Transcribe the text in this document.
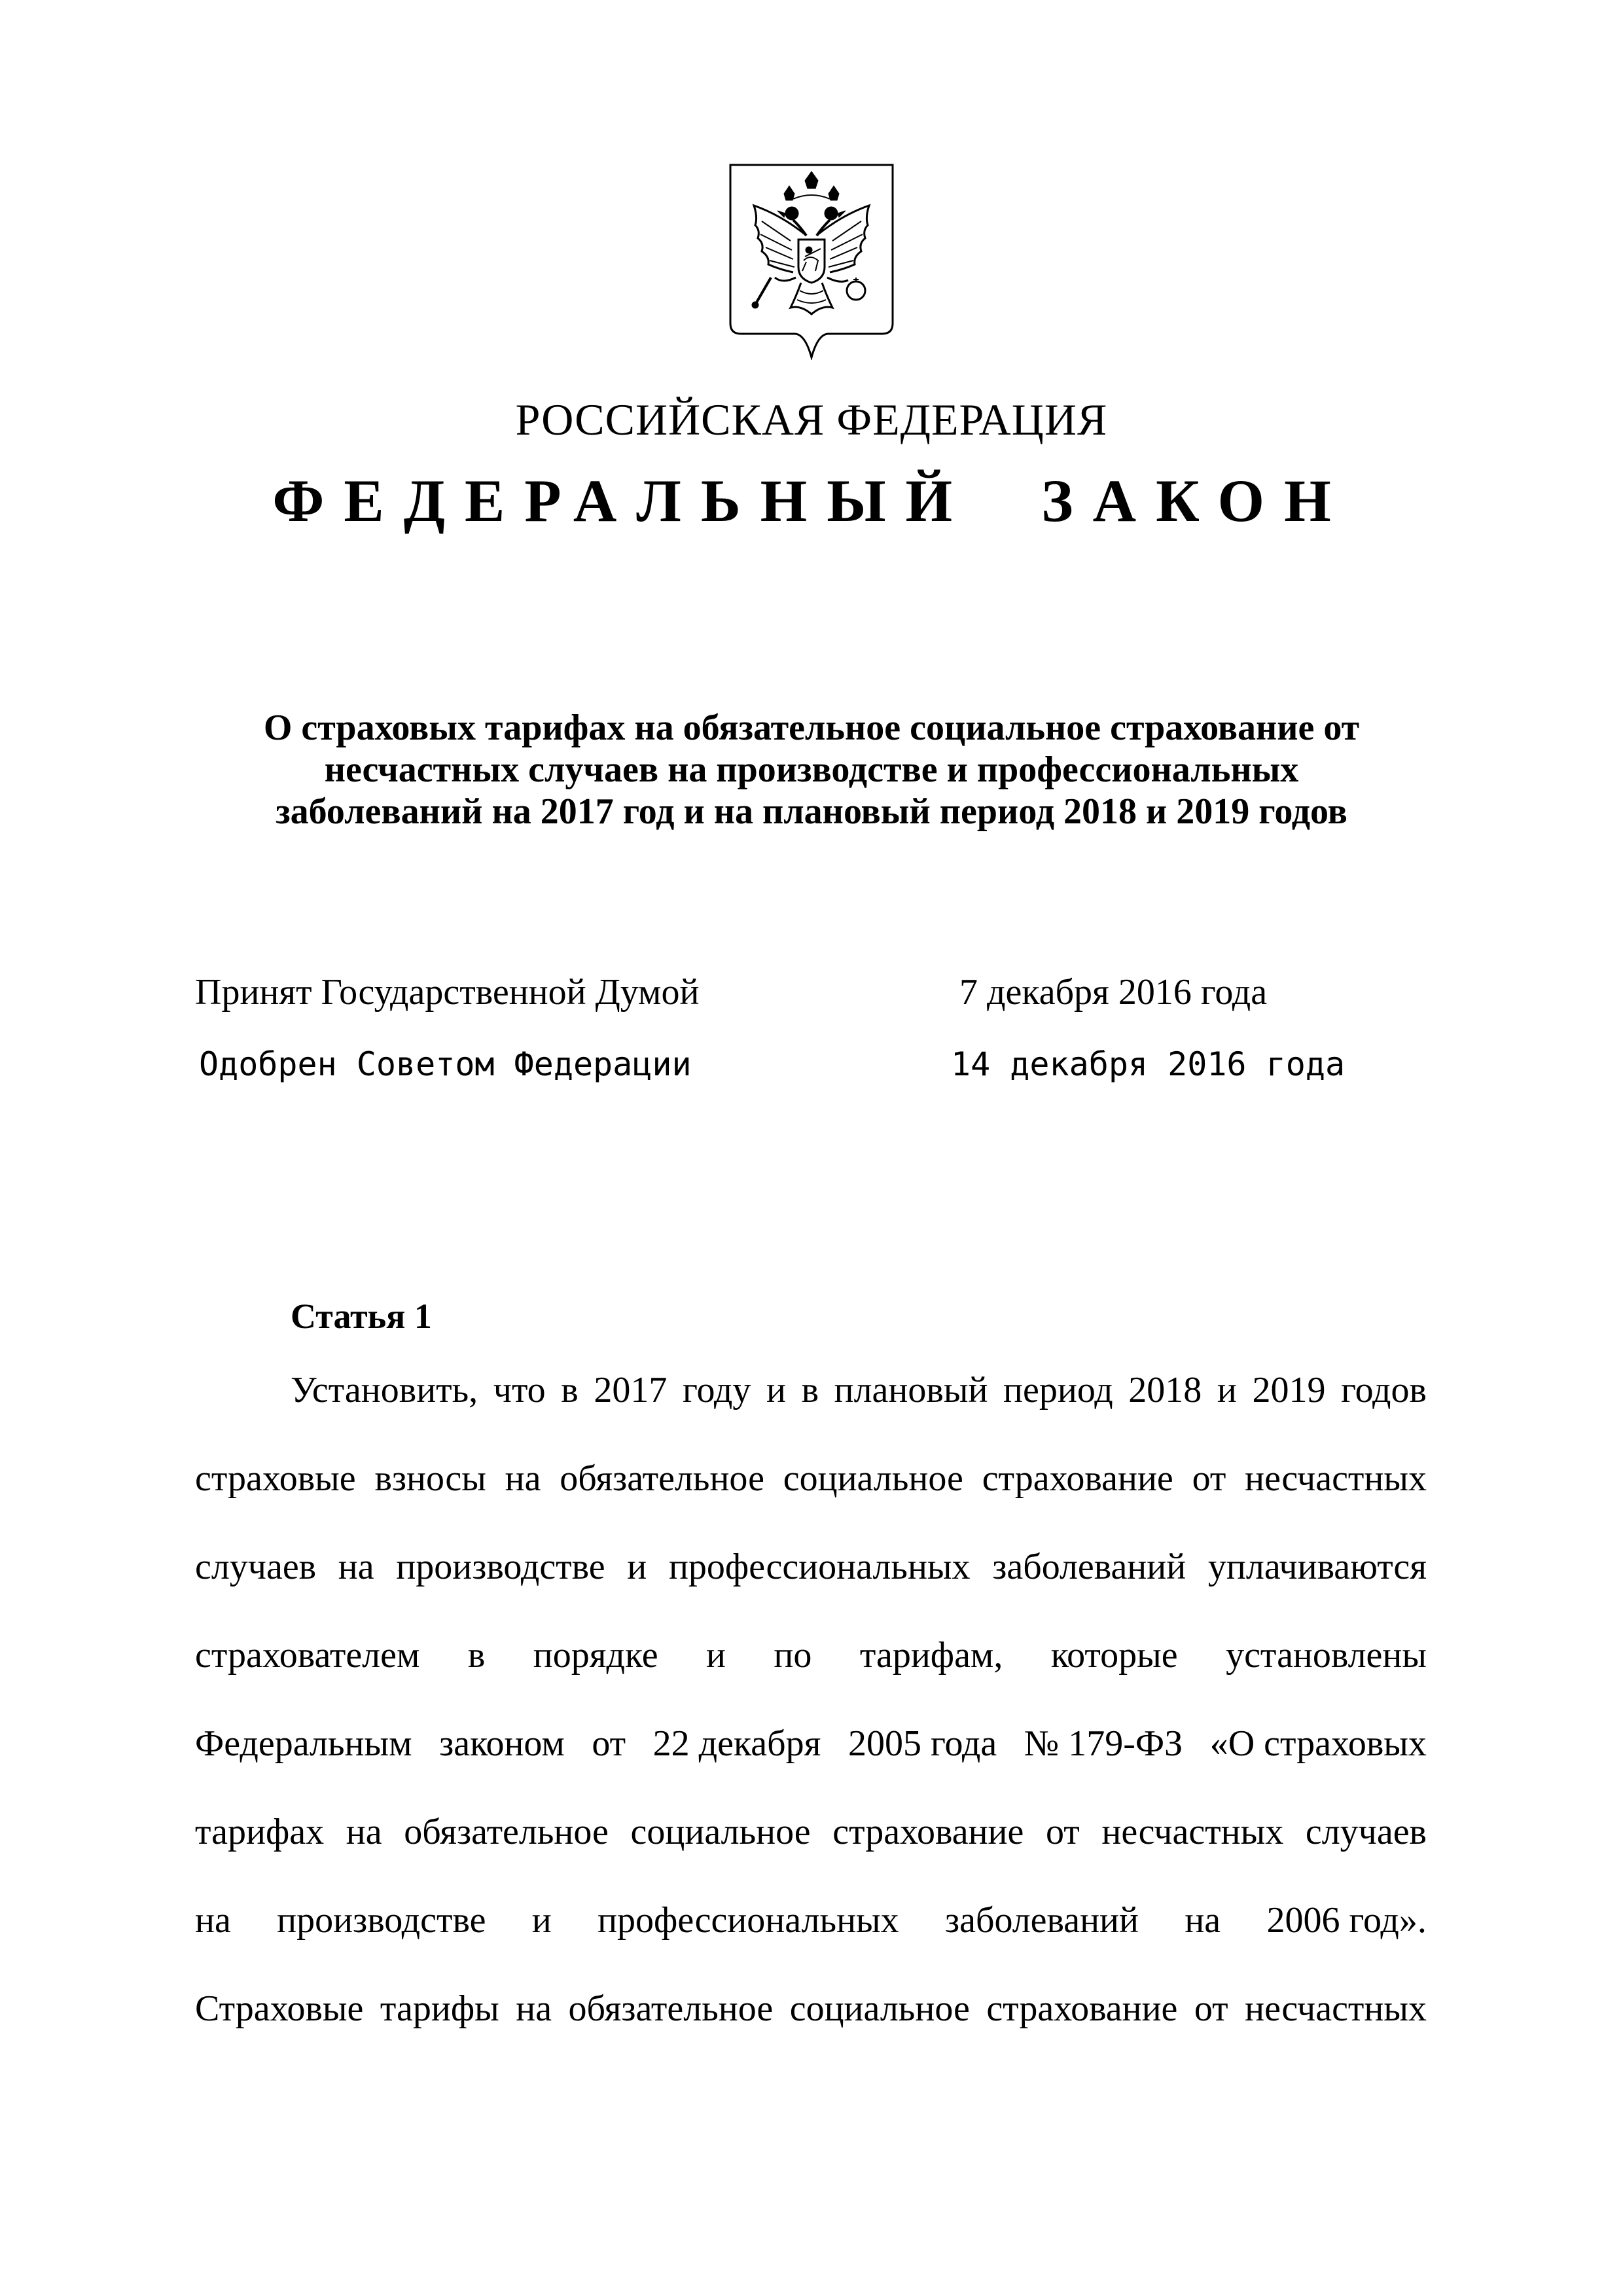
РОССИЙСКАЯ ФЕДЕРАЦИЯ
ФЕДЕРАЛЬНЫЙ  ЗАКОН
О страховых тарифах на обязательное социальное страхование от
несчастных случаев на производстве и профессиональных
заболеваний на 2017 год и на плановый период 2018 и 2019 годов
Принят Государственной Думой	7 декабря 2016 года
Одобрен Советом Федерации	14 декабря 2016 года
Статья 1
Установить, что в 2017 году и в плановый период 2018 и 2019 годов
страховые взносы на обязательное социальное страхование от несчастных
случаев на производстве и профессиональных заболеваний уплачиваются
страхователем в порядке и по тарифам, которые установлены
Федеральным законом от 22 декабря 2005 года № 179-ФЗ «О страховых
тарифах на обязательное социальное страхование от несчастных случаев
на производстве и профессиональных заболеваний на 2006 год».
Страховые тарифы на обязательное социальное страхование от несчастных
